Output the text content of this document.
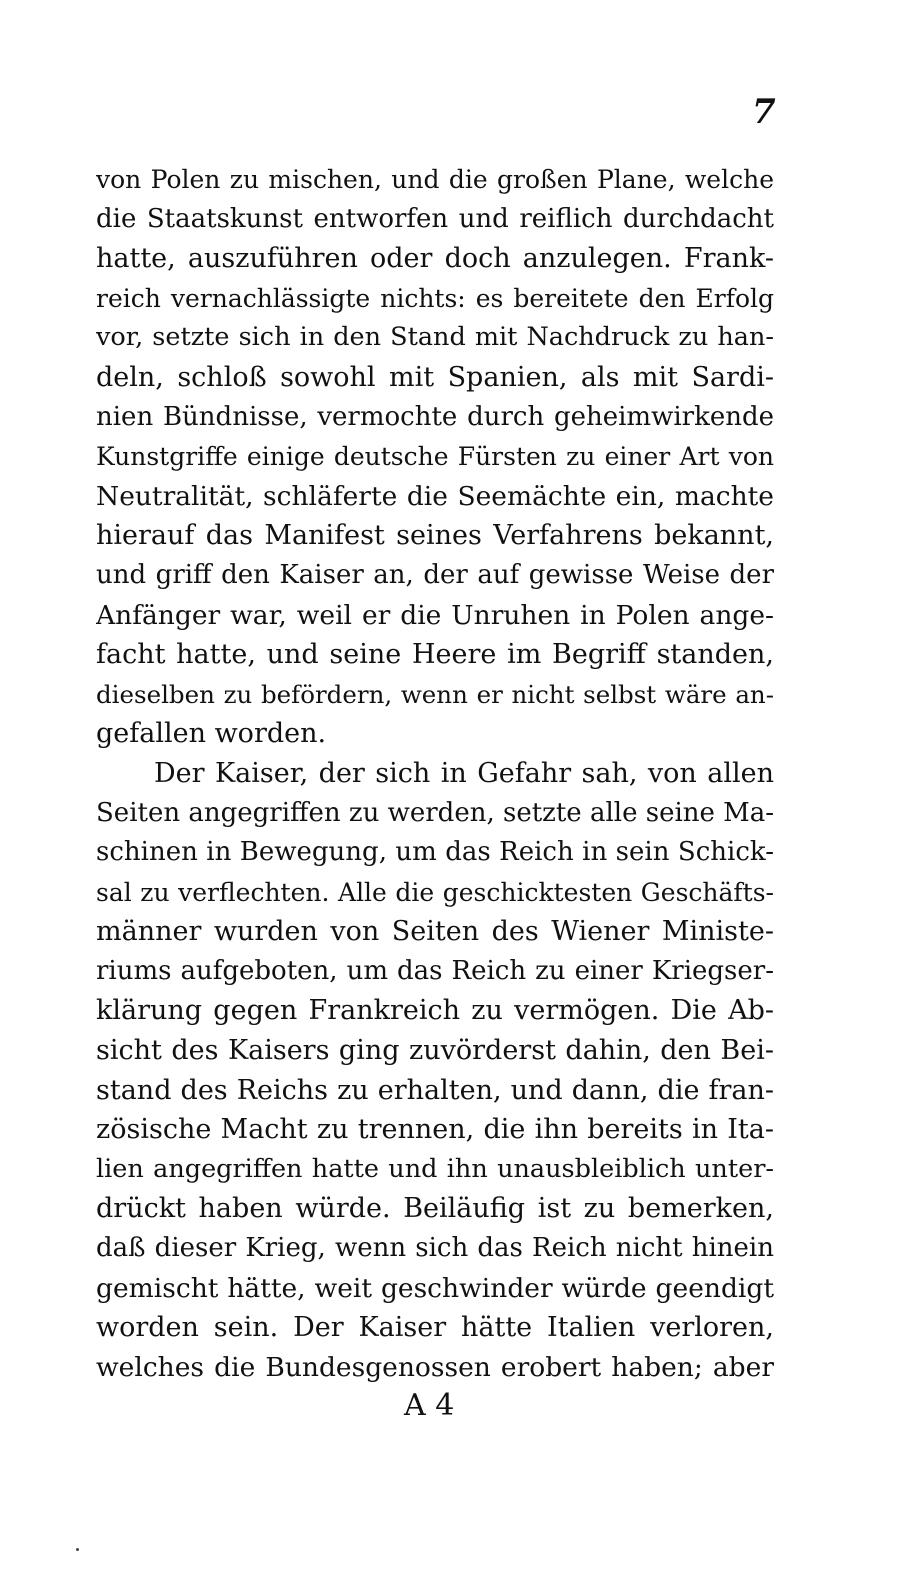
7
von Polen zu mischen, und die großen Plane, welche
die Staatskunst entworfen und reiflich durchdacht
hatte, auszuführen oder doch anzulegen. Frank-
reich vernachlässigte nichts: es bereitete den Erfolg
vor, setzte sich in den Stand mit Nachdruck zu han-
deln, schloß sowohl mit Spanien, als mit Sardi-
nien Bündnisse, vermochte durch geheimwirkende
Kunstgriffe einige deutsche Fürsten zu einer Art von
Neutralität, schläferte die Seemächte ein, machte
hierauf das Manifest seines Verfahrens bekannt,
und griff den Kaiser an, der auf gewisse Weise der
Anfänger war, weil er die Unruhen in Polen ange-
facht hatte, und seine Heere im Begriff standen,
dieselben zu befördern, wenn er nicht selbst wäre an-
gefallen worden.
Der Kaiser, der sich in Gefahr sah, von allen
Seiten angegriffen zu werden, setzte alle seine Ma-
schinen in Bewegung, um das Reich in sein Schick-
sal zu verflechten. Alle die geschicktesten Geschäfts-
männer wurden von Seiten des Wiener Ministe-
riums aufgeboten, um das Reich zu einer Kriegser-
klärung gegen Frankreich zu vermögen. Die Ab-
sicht des Kaisers ging zuvörderst dahin, den Bei-
stand des Reichs zu erhalten, und dann, die fran-
zösische Macht zu trennen, die ihn bereits in Ita-
lien angegriffen hatte und ihn unausbleiblich unter-
drückt haben würde. Beiläufig ist zu bemerken,
daß dieser Krieg, wenn sich das Reich nicht hinein
gemischt hätte, weit geschwinder würde geendigt
worden sein. Der Kaiser hätte Italien verloren,
welches die Bundesgenossen erobert haben; aber
A 4
